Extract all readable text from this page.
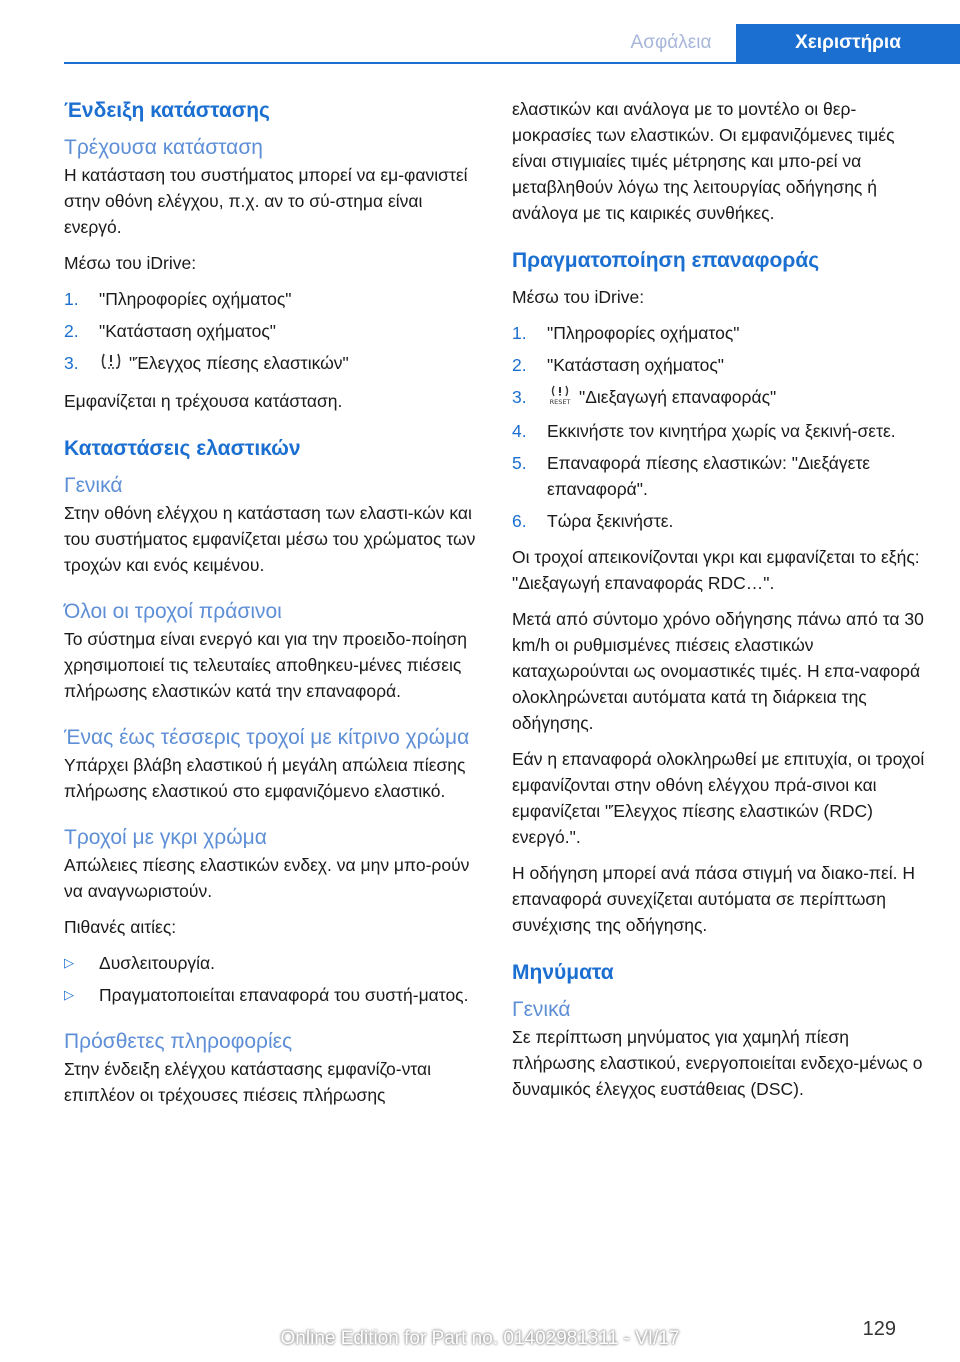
Ασφάλεια	Χειριστήρια
Ένδειξη κατάστασης
Τρέχουσα κατάσταση
Η κατάσταση του συστήματος μπορεί να εμ-φανιστεί στην οθόνη ελέγχου, π.χ. αν το σύ-στημα είναι ενεργό.
Μέσω του iDrive:
1. "Πληροφορίες οχήματος"
2. "Κατάσταση οχήματος"
3.	"Έλεγχος πίεσης ελαστικών"
Εμφανίζεται η τρέχουσα κατάσταση.
Καταστάσεις ελαστικών
Γενικά
Στην οθόνη ελέγχου η κατάσταση των ελαστι-κών και του συστήματος εμφανίζεται μέσω του χρώματος των τροχών και ενός κειμένου.
Όλοι οι τροχοί πράσινοι
Το σύστημα είναι ενεργό και για την προειδο-ποίηση χρησιμοποιεί τις τελευταίες αποθηκευ-μένες πιέσεις πλήρωσης ελαστικών κατά την επαναφορά.
Ένας έως τέσσερις τροχοί με κίτρινο χρώμα
Υπάρχει βλάβη ελαστικού ή μεγάλη απώλεια πίεσης πλήρωσης ελαστικού στο εμφανιζόμενο ελαστικό.
Τροχοί με γκρι χρώμα
Απώλειες πίεσης ελαστικών ενδεχ. να μην μπο-ρούν να αναγνωριστούν.
Πιθανές αιτίες:
▷ Δυσλειτουργία.
▷ Πραγματοποιείται επαναφορά του συστή-ματος.
Πρόσθετες πληροφορίες
Στην ένδειξη ελέγχου κατάστασης εμφανίζο-νται επιπλέον οι τρέχουσες πιέσεις πλήρωσης
ελαστικών και ανάλογα με το μοντέλο οι θερ-μοκρασίες των ελαστικών. Οι εμφανιζόμενες τιμές είναι στιγμιαίες τιμές μέτρησης και μπο-ρεί να μεταβληθούν λόγω της λειτουργίας οδήγησης ή ανάλογα με τις καιρικές συνθήκες.
Πραγματοποίηση επαναφοράς
Μέσω του iDrive:
1. "Πληροφορίες οχήματος"
2. "Κατάσταση οχήματος"
3.	RESET "Διεξαγωγή επαναφοράς"
4. Εκκινήστε τον κινητήρα χωρίς να ξεκινή-σετε.
5. Επαναφορά πίεσης ελαστικών: "Διεξάγετε επαναφορά".
6. Τώρα ξεκινήστε.
Οι τροχοί απεικονίζονται γκρι και εμφανίζεται το εξής: "Διεξαγωγή επαναφοράς RDC…".
Μετά από σύντομο χρόνο οδήγησης πάνω από τα 30 km/h οι ρυθμισμένες πιέσεις ελαστικών καταχωρούνται ως ονομαστικές τιμές. Η επα-ναφορά ολοκληρώνεται αυτόματα κατά τη διάρκεια της οδήγησης.
Εάν η επαναφορά ολοκληρωθεί με επιτυχία, οι τροχοί εμφανίζονται στην οθόνη ελέγχου πρά-σινοι και εμφανίζεται "Έλεγχος πίεσης ελαστικών (RDC) ενεργό.".
Η οδήγηση μπορεί ανά πάσα στιγμή να διακο-πεί. Η επαναφορά συνεχίζεται αυτόματα σε περίπτωση συνέχισης της οδήγησης.
Μηνύματα
Γενικά
Σε περίπτωση μηνύματος για χαμηλή πίεση πλήρωσης ελαστικού, ενεργοποιείται ενδεχο-μένως ο δυναμικός έλεγχος ευστάθειας (DSC).
129
Online Edition for Part no. 01402981311 - VI/17
